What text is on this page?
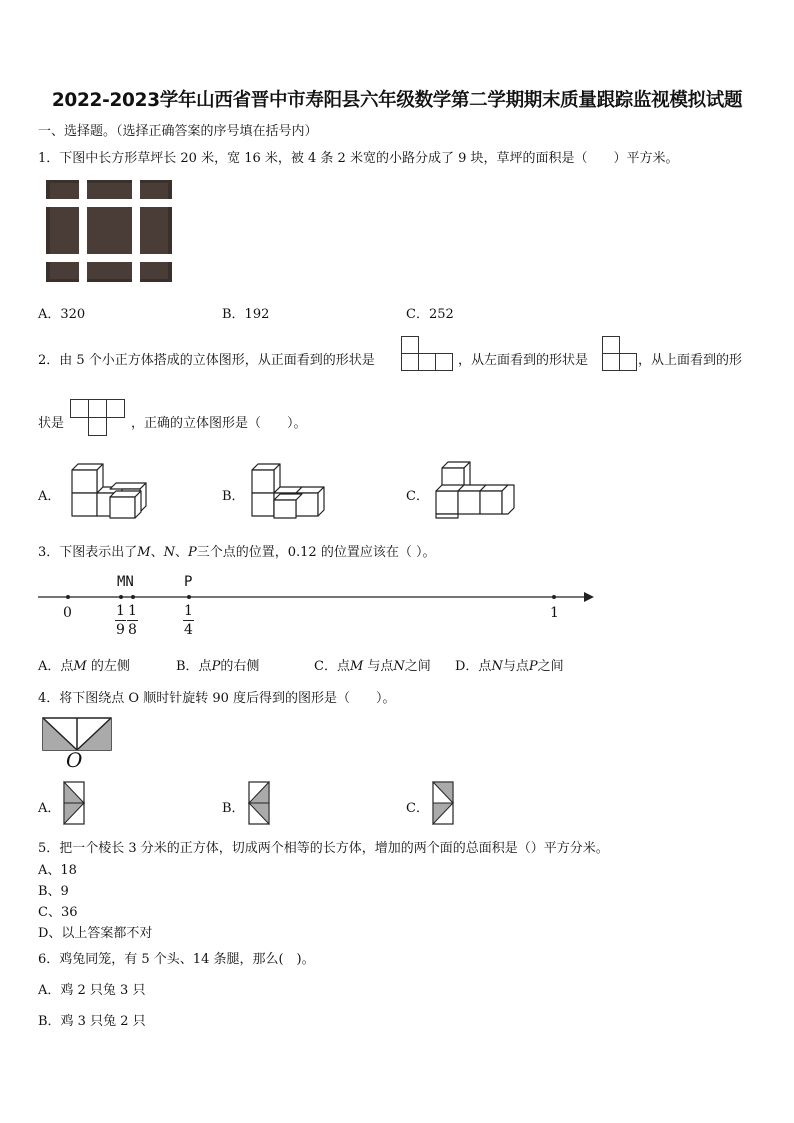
2022-2023学年山西省晋中市寿阳县六年级数学第二学期期末质量跟踪监视模拟试题
一、选择题。（选择正确答案的序号填在括号内）
1．下图中长方形草坪长 20 米，宽 16 米，被 4 条 2 米宽的小路分成了 9 块，草坪的面积是（　　）平方米。
A．320	B．192	C．252
2．由 5 个小正方体搭成的立体图形，从正面看到的形状是	，从左面看到的形状是	，从上面看到的形
状是	，正确的立体图形是（　　）。
A．	B．	C．
3．下图表示出了M、N、P三个点的位置，0.12 的位置应该在（ ）。
MN	P
0	1
1
9
1
8
1
4
A．点M 的左侧	B．点P的右侧	C．点M 与点N之间 D．点N与点P之间
4．将下图绕点 O 顺时针旋转 90 度后得到的图形是（　　）。
O
A．	B．	C．
5．把一个棱长 3 分米的正方体，切成两个相等的长方体，增加的两个面的总面积是（）平方分米。
A、18
B、9
C、36
D、以上答案都不对
6．鸡兔同笼，有 5 个头、14 条腿，那么(　)。
A．鸡 2 只兔 3 只
B．鸡 3 只兔 2 只
